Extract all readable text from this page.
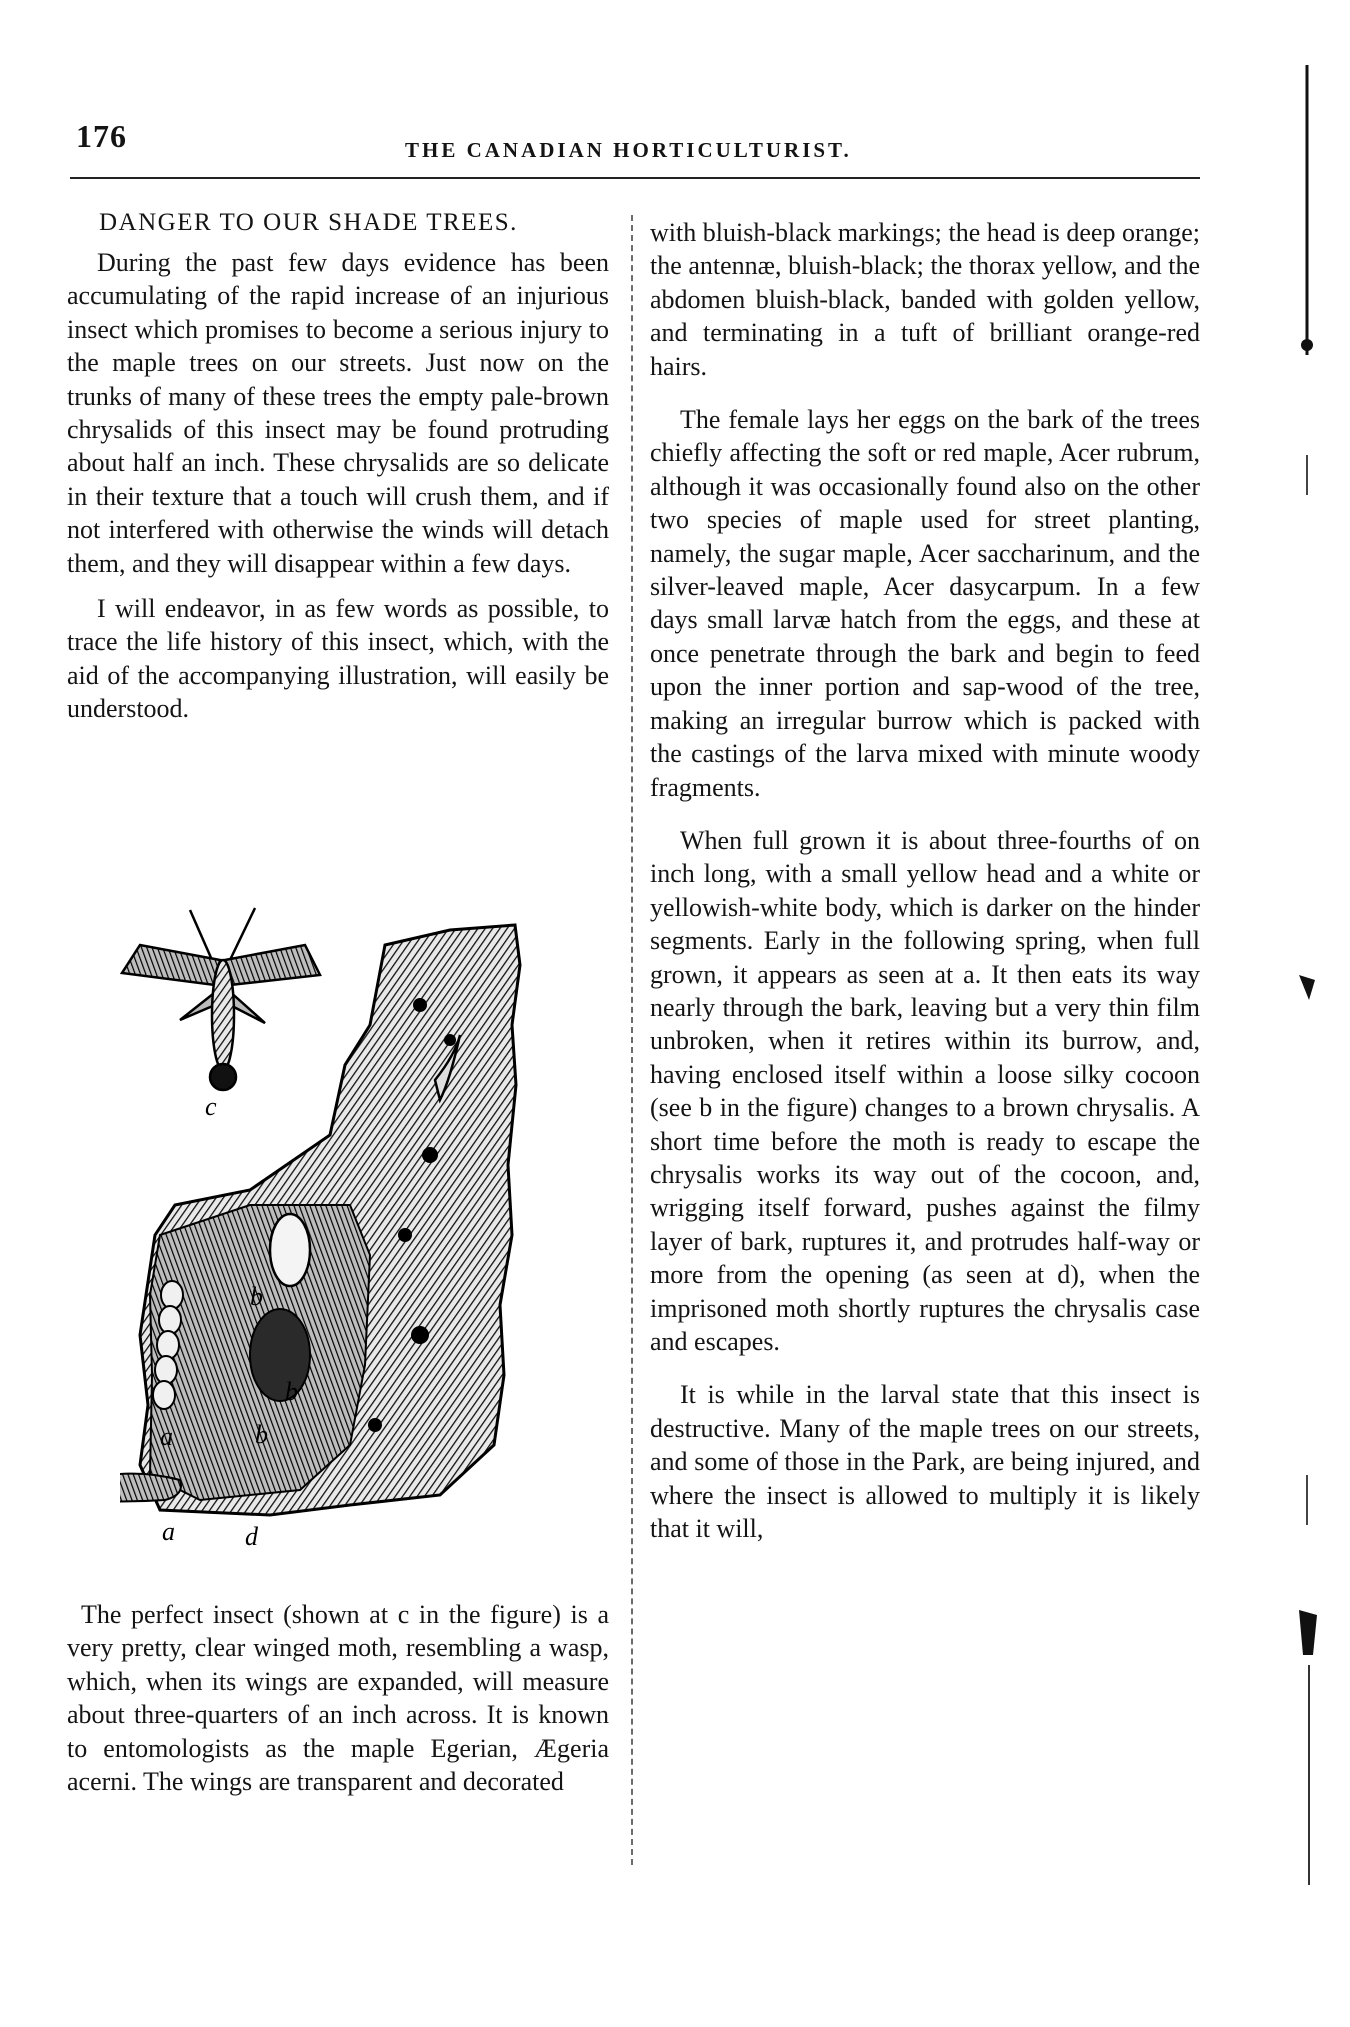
176	THE CANADIAN HORTICULTURIST.
DANGER TO OUR SHADE TREES.

During the past few days evidence has been accumulating of the rapid increase of an injurious insect which promises to become a serious injury to the maple trees on our streets. Just now on the trunks of many of these trees the empty pale-brown chrysalids of this insect may be found protruding about half an inch. These chrysalids are so delicate in their texture that a touch will crush them, and if not interfered with otherwise the winds will detach them, and they will disappear within a few days.

I will endeavor, in as few words as possible, to trace the life history of this insect, which, with the aid of the accompanying illustration, will easily be understood.

c
b
b
b
a
a	d

The perfect insect (shown at c in the figure) is a very pretty, clear winged moth, resembling a wasp, which, when its wings are expanded, will measure about three-quarters of an inch across. It is known to entomologists as the maple Egerian, Ægeria acerni. The wings are transparent and decorated

with bluish-black markings; the head is deep orange; the antennæ, bluish-black; the thorax yellow, and the abdomen bluish-black, banded with golden yellow, and terminating in a tuft of brilliant orange-red hairs.

The female lays her eggs on the bark of the trees chiefly affecting the soft or red maple, Acer rubrum, although it was occasionally found also on the other two species of maple used for street planting, namely, the sugar maple, Acer saccharinum, and the silver-leaved maple, Acer dasycarpum. In a few days small larvæ hatch from the eggs, and these at once penetrate through the bark and begin to feed upon the inner portion and sap-wood of the tree, making an irregular burrow which is packed with the castings of the larva mixed with minute woody fragments.

When full grown it is about three-fourths of on inch long, with a small yellow head and a white or yellowish-white body, which is darker on the hinder segments. Early in the following spring, when full grown, it appears as seen at a. It then eats its way nearly through the bark, leaving but a very thin film unbroken, when it retires within its burrow, and, having enclosed itself within a loose silky cocoon (see b in the figure) changes to a brown chrysalis. A short time before the moth is ready to escape the chrysalis works its way out of the cocoon, and, wrigging itself forward, pushes against the filmy layer of bark, ruptures it, and protrudes half-way or more from the opening (as seen at d), when the imprisoned moth shortly ruptures the chrysalis case and escapes.

It is while in the larval state that this insect is destructive. Many of the maple trees on our streets, and some of those in the Park, are being injured, and where the insect is allowed to multiply it is likely that it will,
